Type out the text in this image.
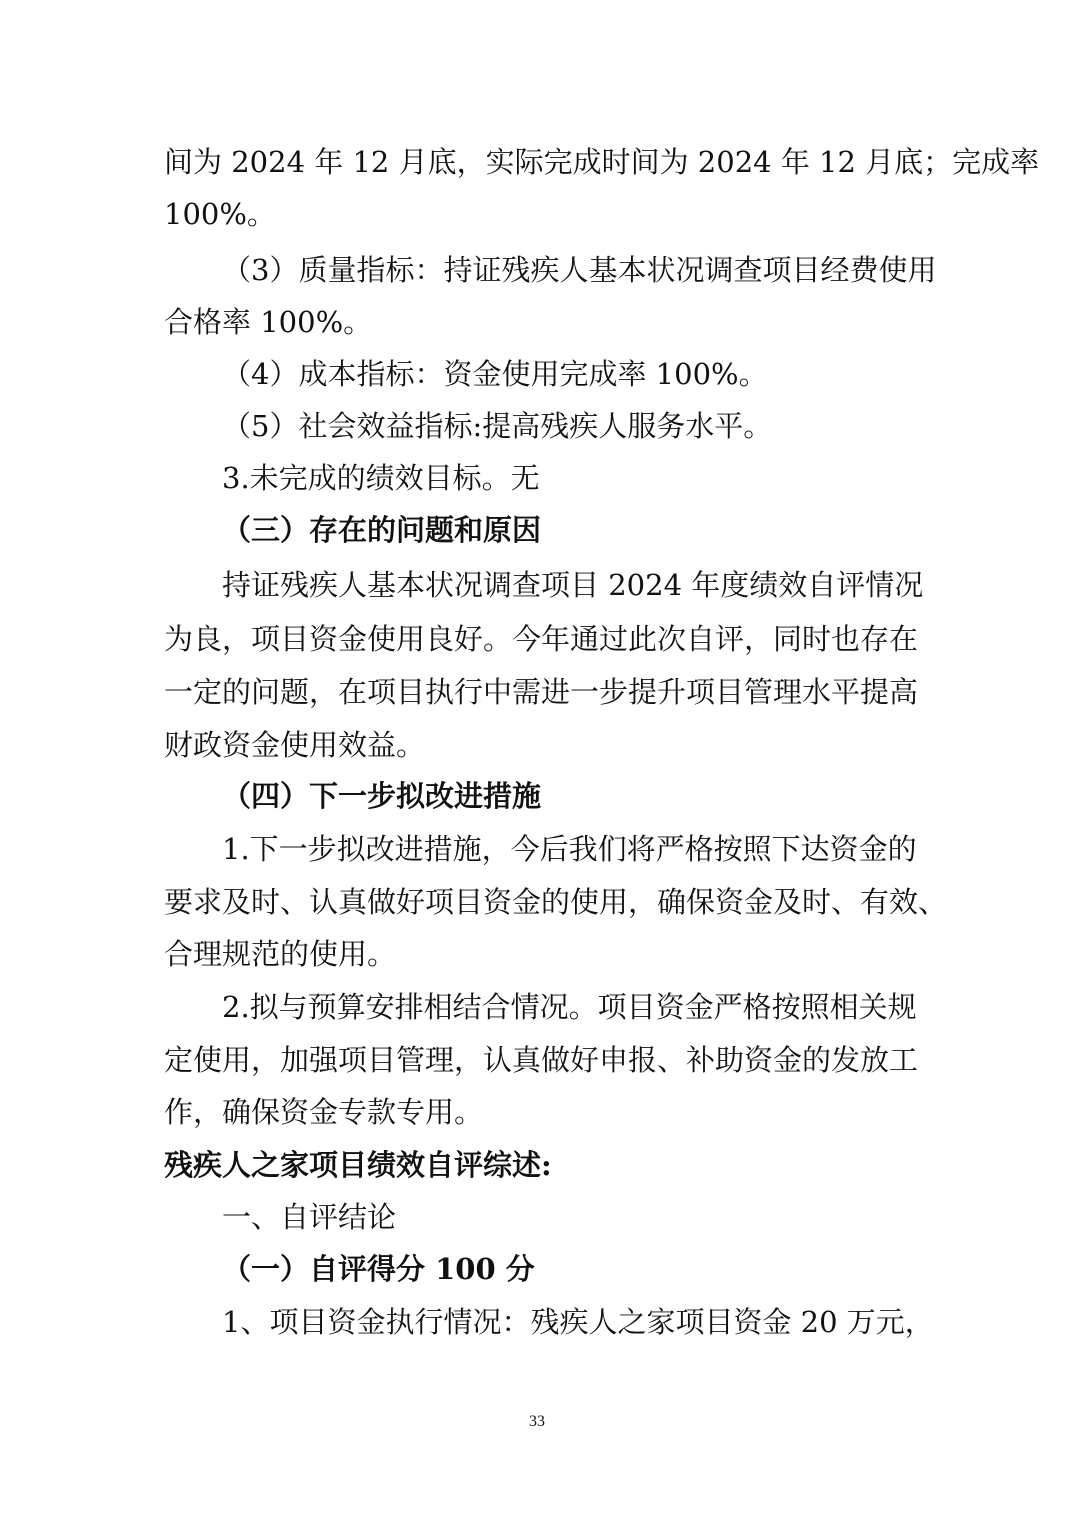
间为 2024 年 12 月底，实际完成时间为 2024 年 12 月底；完成率
100%。
（3）质量指标：持证残疾人基本状况调查项目经费使用
合格率 100%。
（4）成本指标：资金使用完成率 100%。
（5）社会效益指标:提高残疾人服务水平。
3.未完成的绩效目标。无
（三）存在的问题和原因
持证残疾人基本状况调查项目 2024 年度绩效自评情况
为良，项目资金使用良好。今年通过此次自评，同时也存在
一定的问题，在项目执行中需进一步提升项目管理水平提高
财政资金使用效益。
（四）下一步拟改进措施
1.下一步拟改进措施，今后我们将严格按照下达资金的
要求及时、认真做好项目资金的使用，确保资金及时、有效、
合理规范的使用。
2.拟与预算安排相结合情况。项目资金严格按照相关规
定使用，加强项目管理，认真做好申报、补助资金的发放工
作，确保资金专款专用。
残疾人之家项目绩效自评综述:
一、自评结论
（一）自评得分 100 分
1、项目资金执行情况：残疾人之家项目资金 20 万元，
33
